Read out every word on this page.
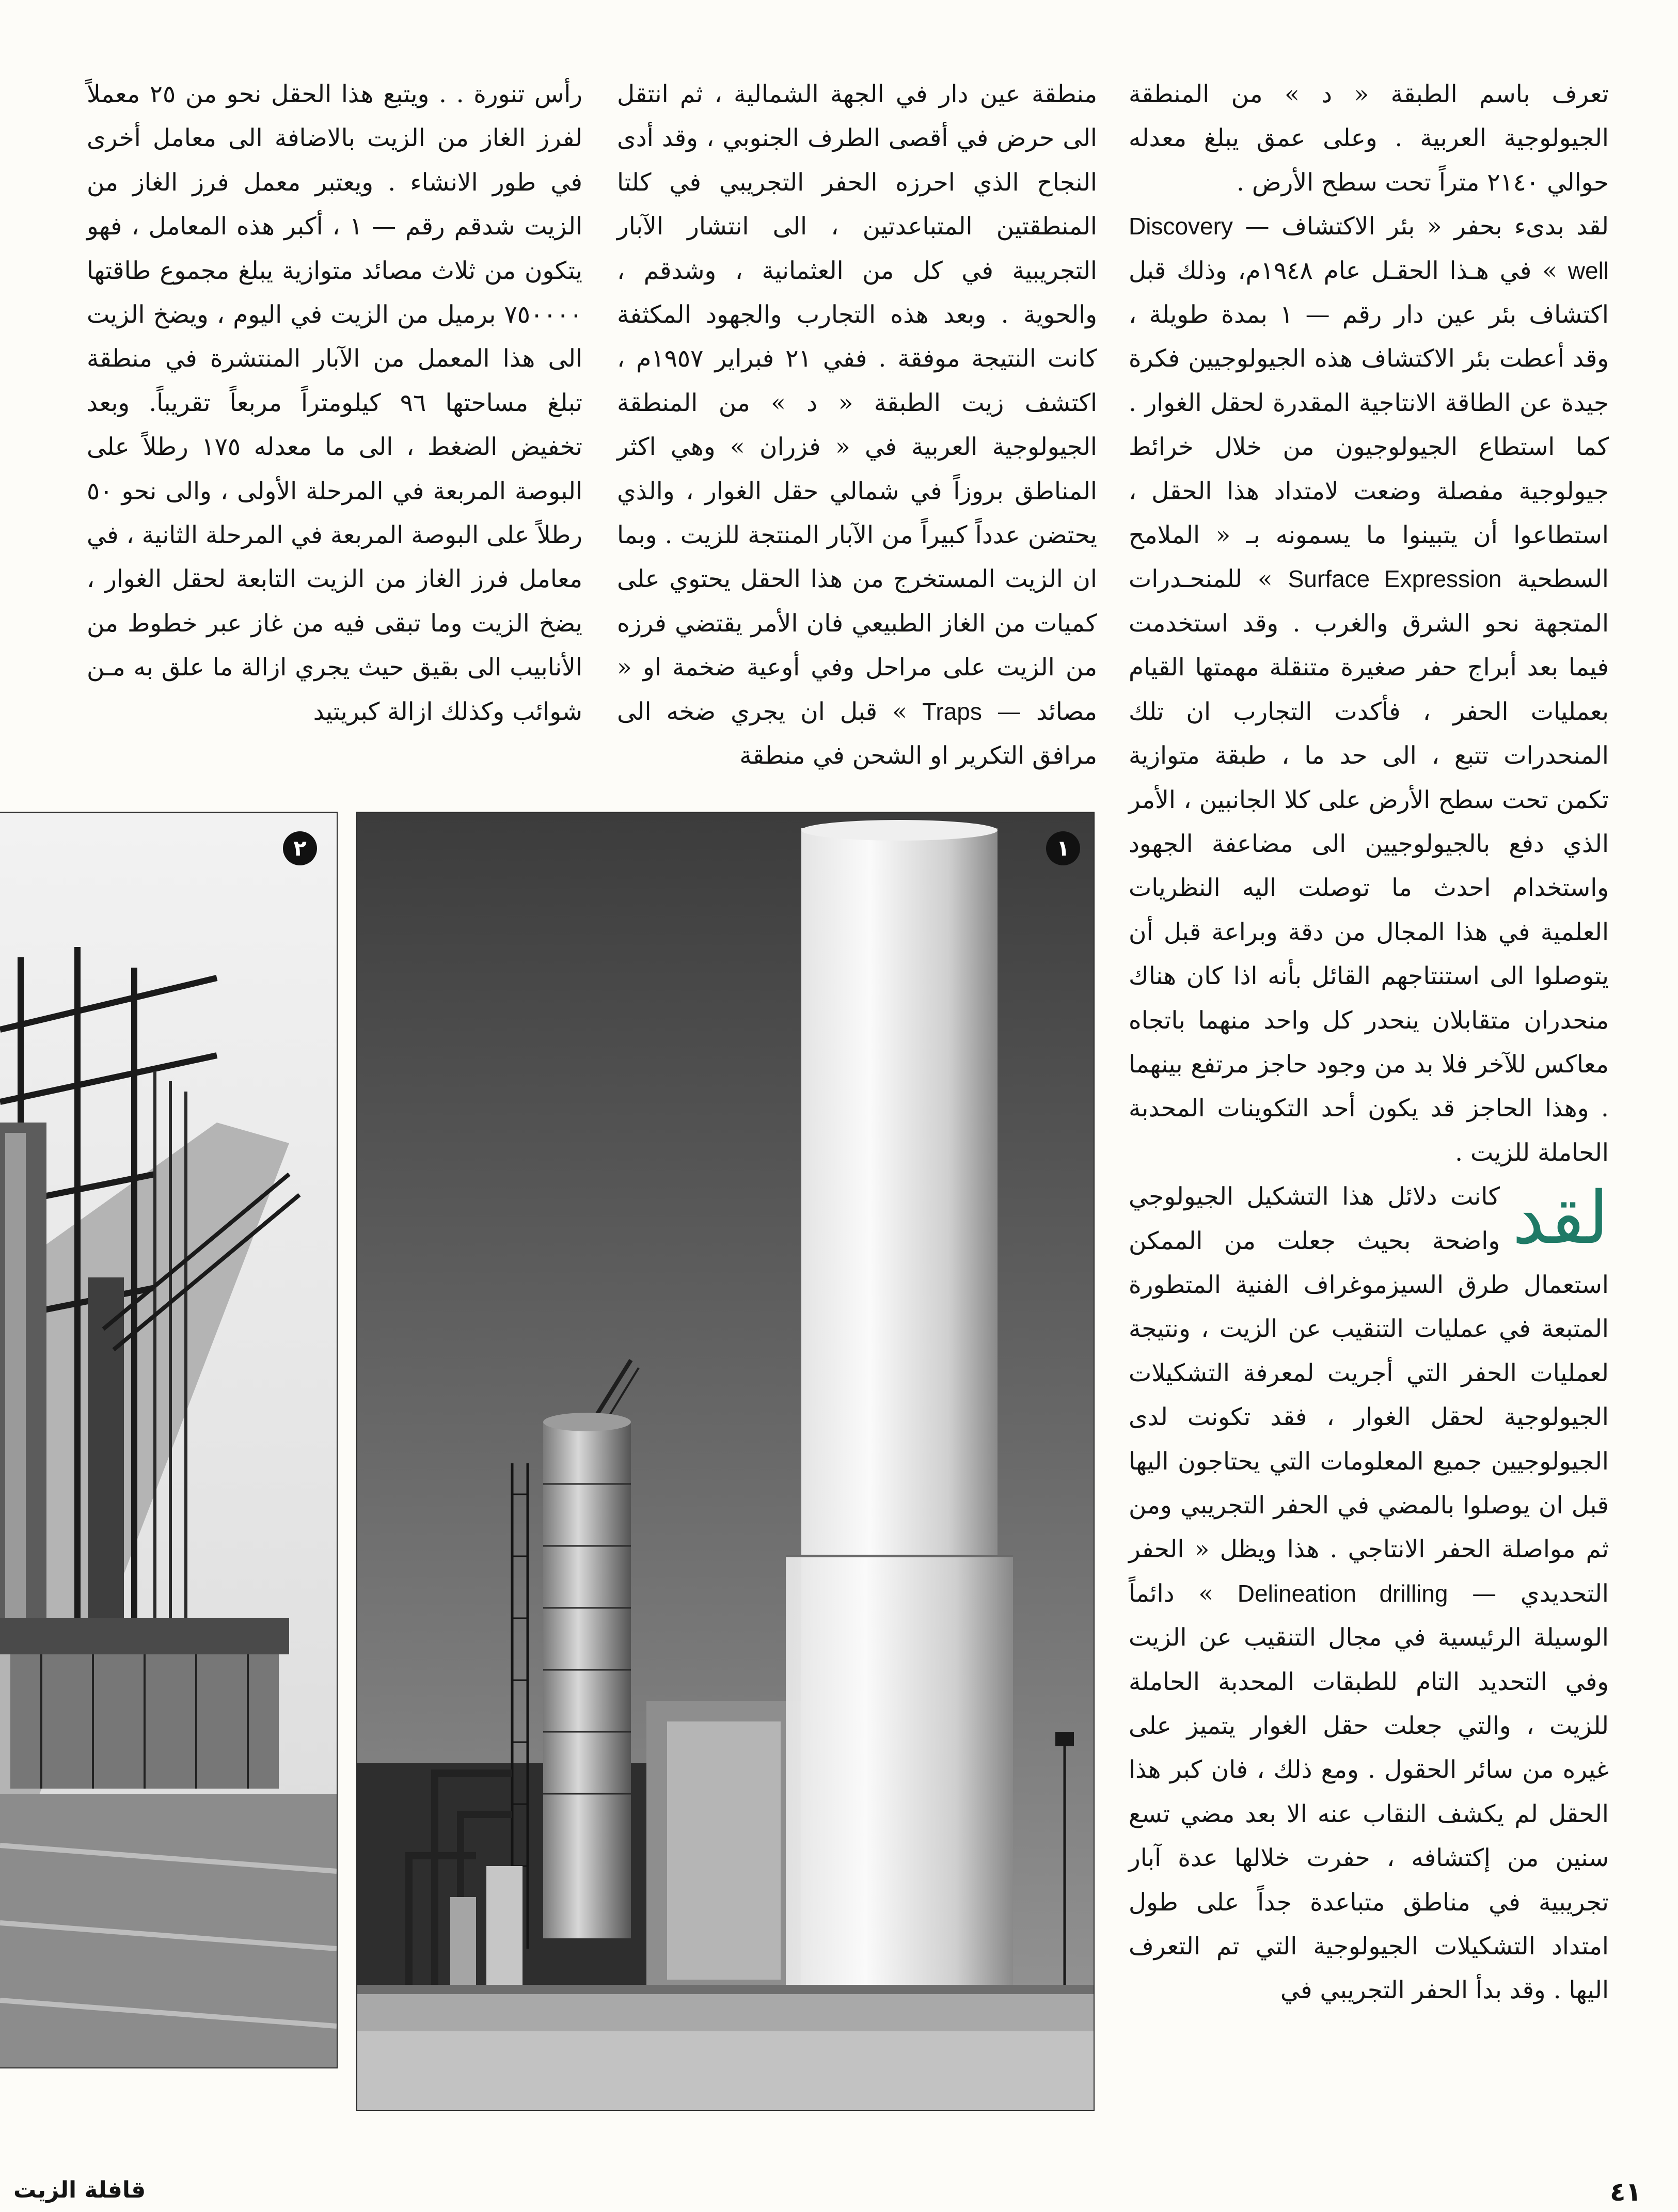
تعرف باسم الطبقة « د » من المنطقة الجيولوجية العربية . وعلى عمق يبلغ معدله حوالي ٢١٤٠ متراً تحت سطح الأرض .

لقد بدىء بحفر « بئر الاكتشاف — Discovery well » في هـذا الحقـل عام ١٩٤٨م، وذلك قبل اكتشاف بئر عين دار رقم — ١ بمدة طويلة ، وقد أعطت بئر الاكتشاف هذه الجيولوجيين فكرة جيدة عن الطاقة الانتاجية المقدرة لحقل الغوار . كما استطاع الجيولوجيون من خلال خرائط جيولوجية مفصلة وضعت لامتداد هذا الحقل ، استطاعوا أن يتبينوا ما يسمونه بـ « الملامح السطحية Surface Expression » للمنحـدرات المتجهة نحو الشرق والغرب . وقد استخدمت فيما بعد أبراج حفر صغيرة متنقلة مهمتها القيام بعمليات الحفر ، فأكدت التجارب ان تلك المنحدرات تتبع ، الى حد ما ، طبقة متوازية تكمن تحت سطح الأرض على كلا الجانبين ، الأمر الذي دفع بالجيولوجيين الى مضاعفة الجهود واستخدام احدث ما توصلت اليه النظريات العلمية في هذا المجال من دقة وبراعة قبل أن يتوصلوا الى استنتاجهم القائل بأنه اذا كان هناك منحدران متقابلان ينحدر كل واحد منهما باتجاه معاكس للآخر فلا بد من وجود حاجز مرتفع بينهما . وهذا الحاجز قد يكون أحد التكوينات المحدبة الحاملة للزيت .

لقد
كانت دلائل هذا التشكيل الجيولوجي واضحة بحيث جعلت من الممكن استعمال طرق السيزموغراف الفنية المتطورة المتبعة في عمليات التنقيب عن الزيت ، ونتيجة لعمليات الحفر التي أجريت لمعرفة التشكيلات الجيولوجية لحقل الغوار ، فقد تكونت لدى الجيولوجيين جميع المعلومات التي يحتاجون اليها قبل ان يوصلوا بالمضي في الحفر التجريبي ومن ثم مواصلة الحفر الانتاجي . هذا ويظل « الحفر التحديدي — Delineation drilling » دائماً الوسيلة الرئيسية في مجال التنقيب عن الزيت وفي التحديد التام للطبقات المحدبة الحاملة للزيت ، والتي جعلت حقل الغوار يتميز على غيره من سائر الحقول . ومع ذلك ، فان كبر هذا الحقل لم يكشف النقاب عنه الا بعد مضي تسع سنين من إكتشافه ، حفرت خلالها عدة آبار تجريبية في مناطق متباعدة جداً على طول امتداد التشكيلات الجيولوجية التي تم التعرف اليها . وقد بدأ الحفر التجريبي في

منطقة عين دار في الجهة الشمالية ، ثم انتقل الى حرض في أقصى الطرف الجنوبي ، وقد أدى النجاح الذي احرزه الحفر التجريبي في كلتا المنطقتين المتباعدتين ، الى انتشار الآبار التجريبية في كل من العثمانية ، وشدقم ، والحوية . وبعد هذه التجارب والجهود المكثفة كانت النتيجة موفقة . ففي ٢١ فبراير ١٩٥٧م ، اكتشف زيت الطبقة « د » من المنطقة الجيولوجية العربية في « فزران » وهي اكثر المناطق بروزاً في شمالي حقل الغوار ، والذي يحتضن عدداً كبيراً من الآبار المنتجة للزيت . وبما ان الزيت المستخرج من هذا الحقل يحتوي على كميات من الغاز الطبيعي فان الأمر يقتضي فرزه من الزيت على مراحل وفي أوعية ضخمة او « مصائد — Traps » قبل ان يجري ضخه الى مرافق التكرير او الشحن في منطقة

رأس تنورة . . ويتبع هذا الحقل نحو من ٢٥ معملاً لفرز الغاز من الزيت بالاضافة الى معامل أخرى في طور الانشاء . ويعتبر معمل فرز الغاز من الزيت شدقم رقم — ١ ، أكبر هذه المعامل ، فهو يتكون من ثلاث مصائد متوازية يبلغ مجموع طاقتها ٧٥٠٠٠٠ برميل من الزيت في اليوم ، ويضخ الزيت الى هذا المعمل من الآبار المنتشرة في منطقة تبلغ مساحتها ٩٦ كيلومتراً مربعاً تقريباً. وبعد تخفيض الضغط ، الى ما معدله ١٧٥ رطلاً على البوصة المربعة في المرحلة الأولى ، والى نحو ٥٠ رطلاً على البوصة المربعة في المرحلة الثانية ، في معامل فرز الغاز من الزيت التابعة لحقل الغوار ، يضخ الزيت وما تبقى فيه من غاز عبر خطوط من الأنابيب الى بقيق حيث يجري ازالة ما علق به مـن شوائب وكذلك ازالة كبريتيد

١
٢
٤١
قافلة الزيت
